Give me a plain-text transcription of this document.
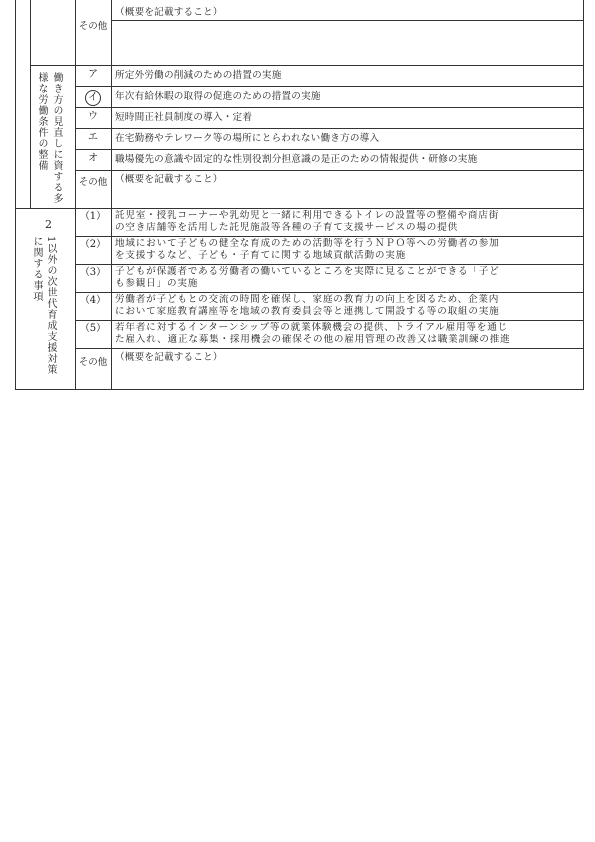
その他
（概要を記載すること）
働き方の見直しに資する多様な労働条件の整備	ア	所定外労働の削減のための措置の実施
イ	年次有給休暇の取得の促進のための措置の実施
ウ	短時間正社員制度の導入・定着
エ	在宅勤務やテレワーク等の場所にとらわれない働き方の導入
オ	職場優先の意識や固定的な性別役割分担意識の是正のための情報提供・研修の実施
その他 （概要を記載すること）
2
1以外の次世代育成支援対策に関する事項
（1） 託児室・授乳コーナーや乳幼児と一緒に利用できるトイレの設置等の整備や商店街
の空き店舗等を活用した託児施設等各種の子育て支援サービスの場の提供
（2） 地域において子どもの健全な育成のための活動等を行うＮＰＯ等への労働者の参加
を支援するなど、子ども・子育てに関する地域貢献活動の実施
（3） 子どもが保護者である労働者の働いているところを実際に見ることができる「子ど
も参観日」の実施
（4） 労働者が子どもとの交流の時間を確保し、家庭の教育力の向上を図るため、企業内
において家庭教育講座等を地域の教育委員会等と連携して開設する等の取組の実施
（5） 若年者に対するインターンシップ等の就業体験機会の提供、トライアル雇用等を通じ
た雇入れ、適正な募集・採用機会の確保その他の雇用管理の改善又は職業訓練の推進
その他 （概要を記載すること）
